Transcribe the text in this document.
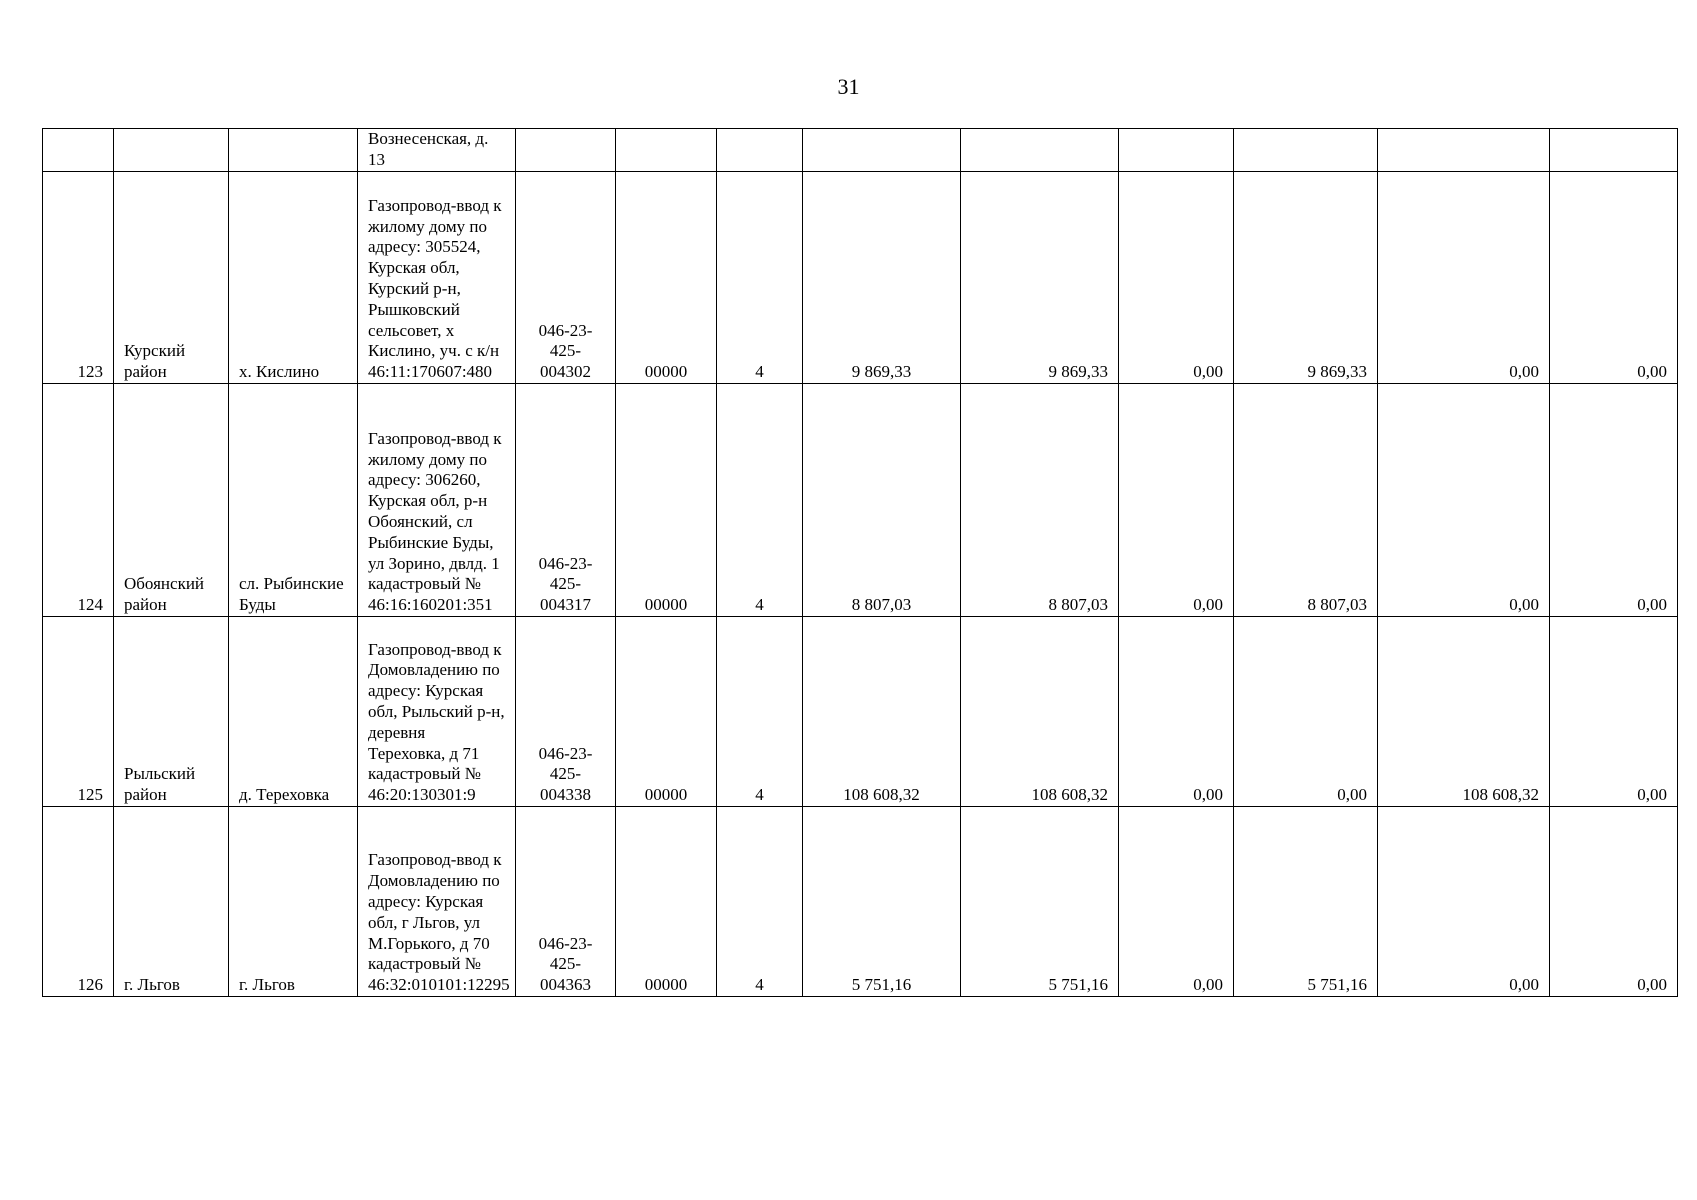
31
			Вознесенская, д. 13									
123	Курский район	х. Кислино	Газопровод-ввод к жилому дому по адресу: 305524, Курская обл, Курский р-н, Рышковский сельсовет, х Кислино, уч. с к/н 46:11:170607:480	046-23-425-004302	00000	4	9 869,33	9 869,33	0,00	9 869,33	0,00	0,00
124	Обоянский район	сл. Рыбинские Буды	Газопровод-ввод к жилому дому по адресу: 306260, Курская обл, р-н Обоянский, сл Рыбинские Буды, ул Зорино, двлд. 1 кадастровый № 46:16:160201:351	046-23-425-004317	00000	4	8 807,03	8 807,03	0,00	8 807,03	0,00	0,00
125	Рыльский район	д. Тереховка	Газопровод-ввод к Домовладению по адресу: Курская обл, Рыльский р-н, деревня Тереховка, д 71 кадастровый № 46:20:130301:9	046-23-425-004338	00000	4	108 608,32	108 608,32	0,00	0,00	108 608,32	0,00
126	г. Льгов	г. Льгов	Газопровод-ввод к Домовладению по адресу: Курская обл, г Льгов, ул М.Горького, д 70 кадастровый № 46:32:010101:12295	046-23-425-004363	00000	4	5 751,16	5 751,16	0,00	5 751,16	0,00	0,00
